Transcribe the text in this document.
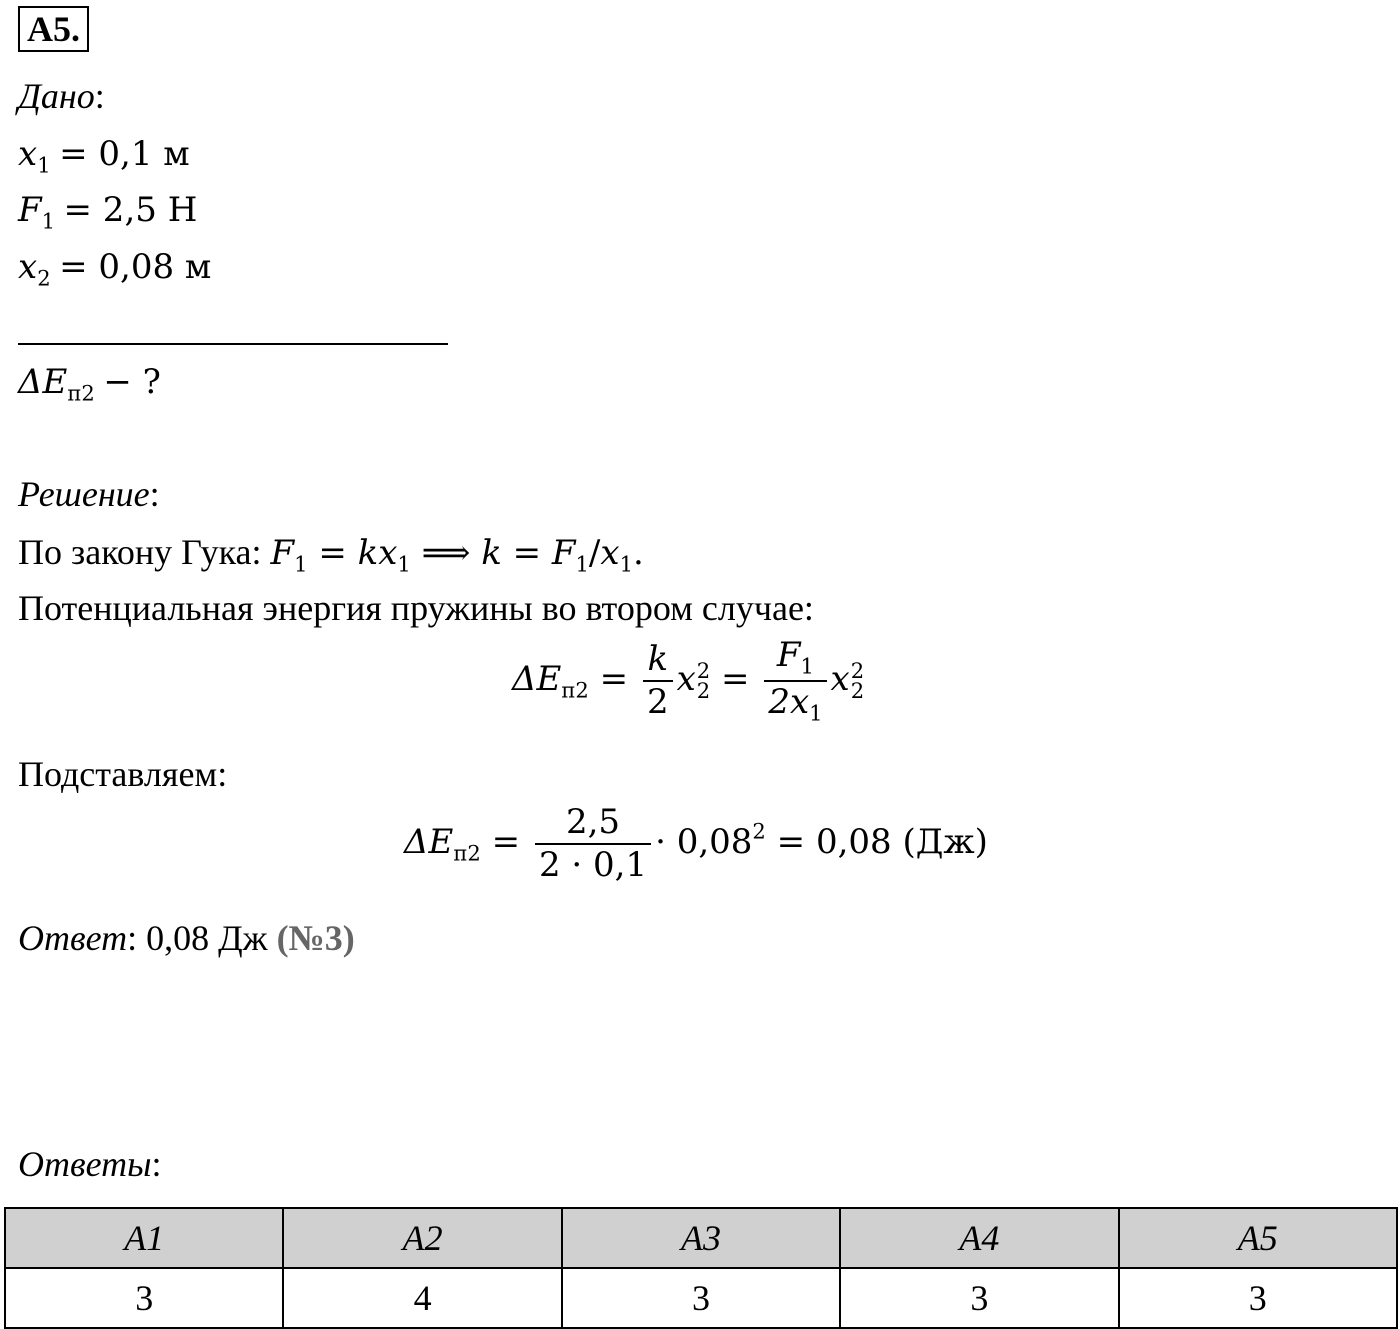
А5.
Дано:
$x_1 = 0,1$ м
$F_1 = 2,5$ Н
$x_2 = 0,08$ м
$\Delta E_{п2}$ − ?
Решение:
По закону Гука: $F_1 = kx_1$ ⟹ $k = F_1/x_1$.
Потенциальная энергия пружины во втором случае:
$\Delta E_{п2} = \frac{k}{2}$ x 2
$2 = \frac{F_1}{2x_1}$ x 2
2
Подставляем:
$\Delta E_{п2} = \frac{2,5}{2 \cdot 0,1} \cdot 0,08^2 = 0,08$ (Дж)
Ответ: 0,08 Дж (№3)
Ответы:
A1	A2	A3	A4	A5
3	4	3	3	3
